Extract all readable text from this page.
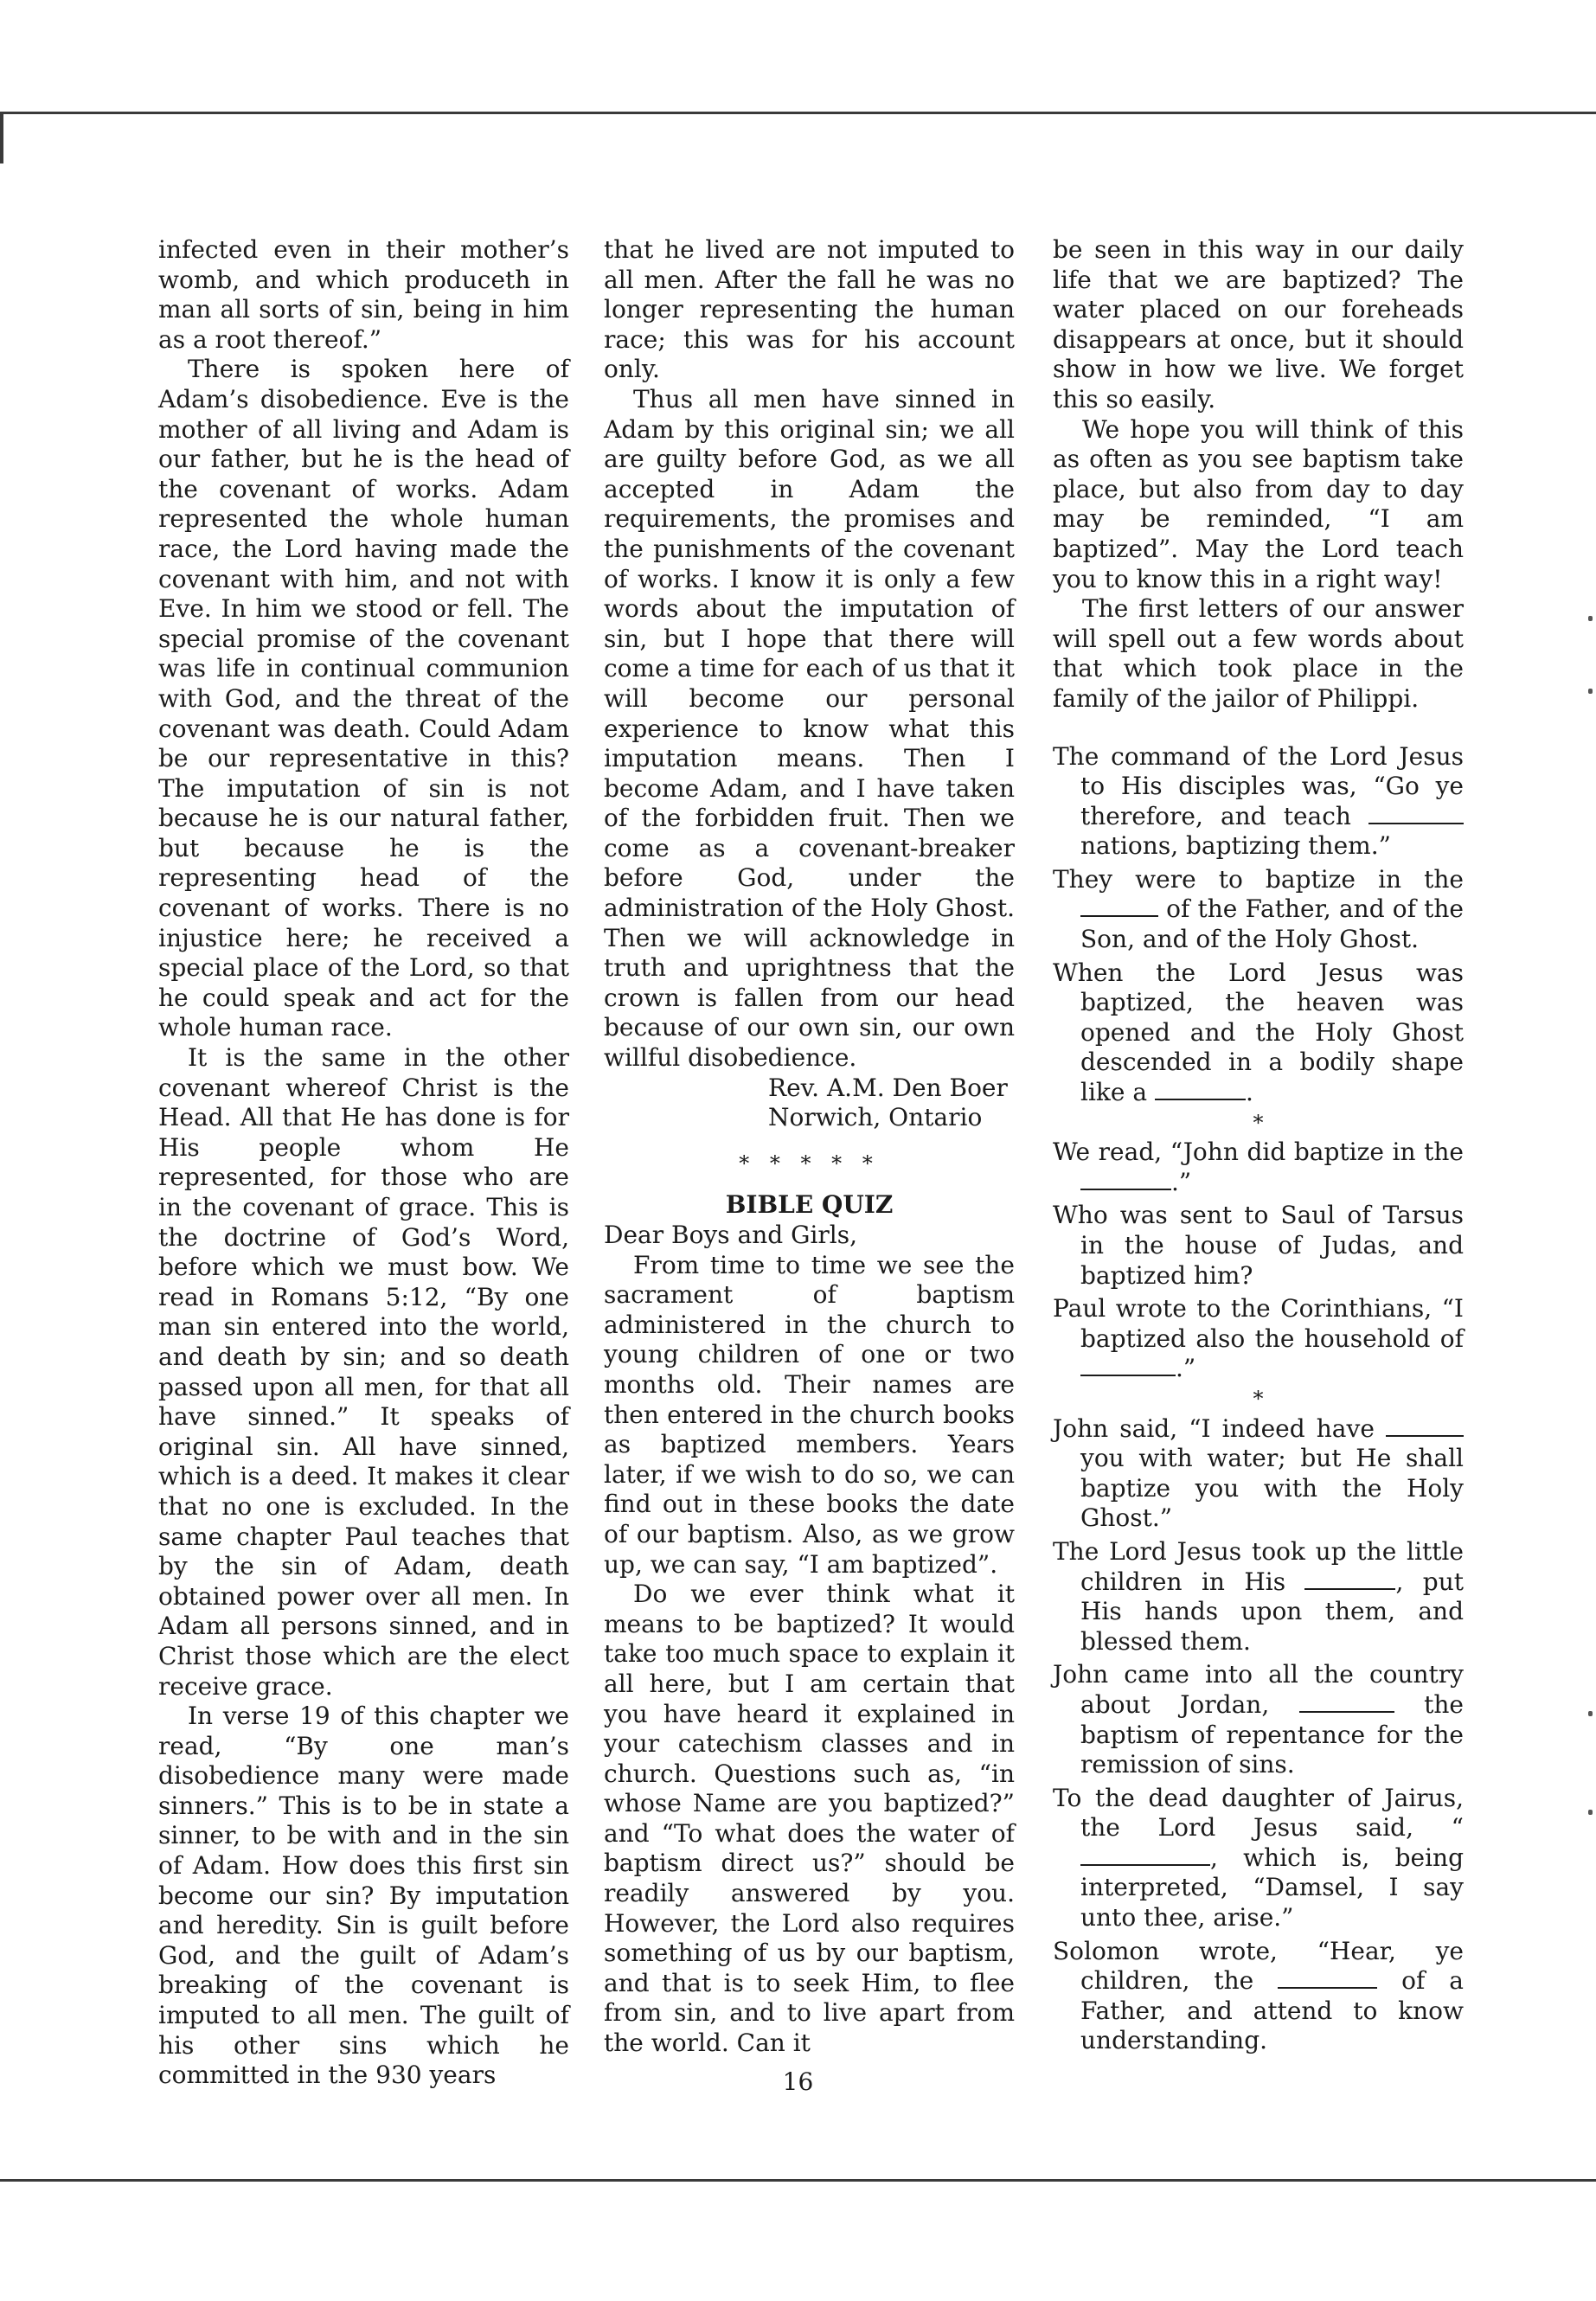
infected even in their mother’s womb, and which produceth in man all sorts of sin, being in him as a root thereof.”

There is spoken here of Adam’s disobedience. Eve is the mother of all living and Adam is our father, but he is the head of the covenant of works. Adam represented the whole human race, the Lord having made the covenant with him, and not with Eve. In him we stood or fell. The special promise of the covenant was life in continual communion with God, and the threat of the covenant was death. Could Adam be our representative in this? The imputation of sin is not because he is our natural father, but because he is the representing head of the covenant of works. There is no injustice here; he received a special place of the Lord, so that he could speak and act for the whole human race.

It is the same in the other covenant whereof Christ is the Head. All that He has done is for His people whom He represented, for those who are in the covenant of grace. This is the doctrine of God’s Word, before which we must bow. We read in Romans 5:12, “By one man sin entered into the world, and death by sin; and so death passed upon all men, for that all have sinned.” It speaks of original sin. All have sinned, which is a deed. It makes it clear that no one is excluded. In the same chapter Paul teaches that by the sin of Adam, death obtained power over all men. In Adam all persons sinned, and in Christ those which are the elect receive grace.

In verse 19 of this chapter we read, “By one man’s disobedience many were made sinners.” This is to be in state a sinner, to be with and in the sin of Adam. How does this first sin become our sin? By imputation and heredity. Sin is guilt before God, and the guilt of Adam’s breaking of the covenant is imputed to all men. The guilt of his other sins which he committed in the 930 years

that he lived are not imputed to all men. After the fall he was no longer representing the human race; this was for his account only.

Thus all men have sinned in Adam by this original sin; we all are guilty before God, as we all accepted in Adam the requirements, the promises and the punishments of the covenant of works. I know it is only a few words about the imputation of sin, but I hope that there will come a time for each of us that it will become our personal experience to know what this imputation means. Then I become Adam, and I have taken of the forbidden fruit. Then we come as a covenant-breaker before God, under the administration of the Holy Ghost. Then we will acknowledge in truth and uprightness that the crown is fallen from our head because of our own sin, our own willful disobedience.

Rev. A.M. Den Boer

Norwich, Ontario

* * * * *

BIBLE QUIZ

Dear Boys and Girls,

From time to time we see the sacrament of baptism administered in the church to young children of one or two months old. Their names are then entered in the church books as baptized members. Years later, if we wish to do so, we can find out in these books the date of our baptism. Also, as we grow up, we can say, “I am baptized”.

Do we ever think what it means to be baptized? It would take too much space to explain it all here, but I am certain that you have heard it explained in your catechism classes and in church. Questions such as, “in whose Name are you baptized?” and “To what does the water of baptism direct us?” should be readily answered by you. However, the Lord also requires something of us by our baptism, and that is to seek Him, to flee from sin, and to live apart from the world. Can it

be seen in this way in our daily life that we are baptized? The water placed on our foreheads disappears at once, but it should show in how we live. We forget this so easily.

We hope you will think of this as often as you see baptism take place, but also from day to day may be reminded, “I am baptized”. May the Lord teach you to know this in a right way!

The first letters of our answer will spell out a few words about that which took place in the family of the jailor of Philippi.

The command of the Lord Jesus to His disciples was, “Go ye therefore, and teach  nations, baptizing them.”

They were to baptize in the  of the Father, and of the Son, and of the Holy Ghost.

When the Lord Jesus was baptized, the heaven was opened and the Holy Ghost descended in a bodily shape like a	.

*

We read, “John did baptize in the .”

Who was sent to Saul of Tarsus in the house of Judas, and baptized him?

Paul wrote to the Corinthians, “I baptized also the household of .”

*

John said, “I indeed have  you with water; but He shall baptize you with the Holy Ghost.”

The Lord Jesus took up the little children in His	, put His hands upon them, and blessed them.

John came into all the country about Jordan,	the baptism of repentance for the remission of sins.

To the dead daughter of Jairus, the Lord Jesus said, “, which is, being interpreted, “Damsel, I say unto thee, arise.”

Solomon wrote, “Hear, ye children, the	of a Father, and attend to know understanding.

16
